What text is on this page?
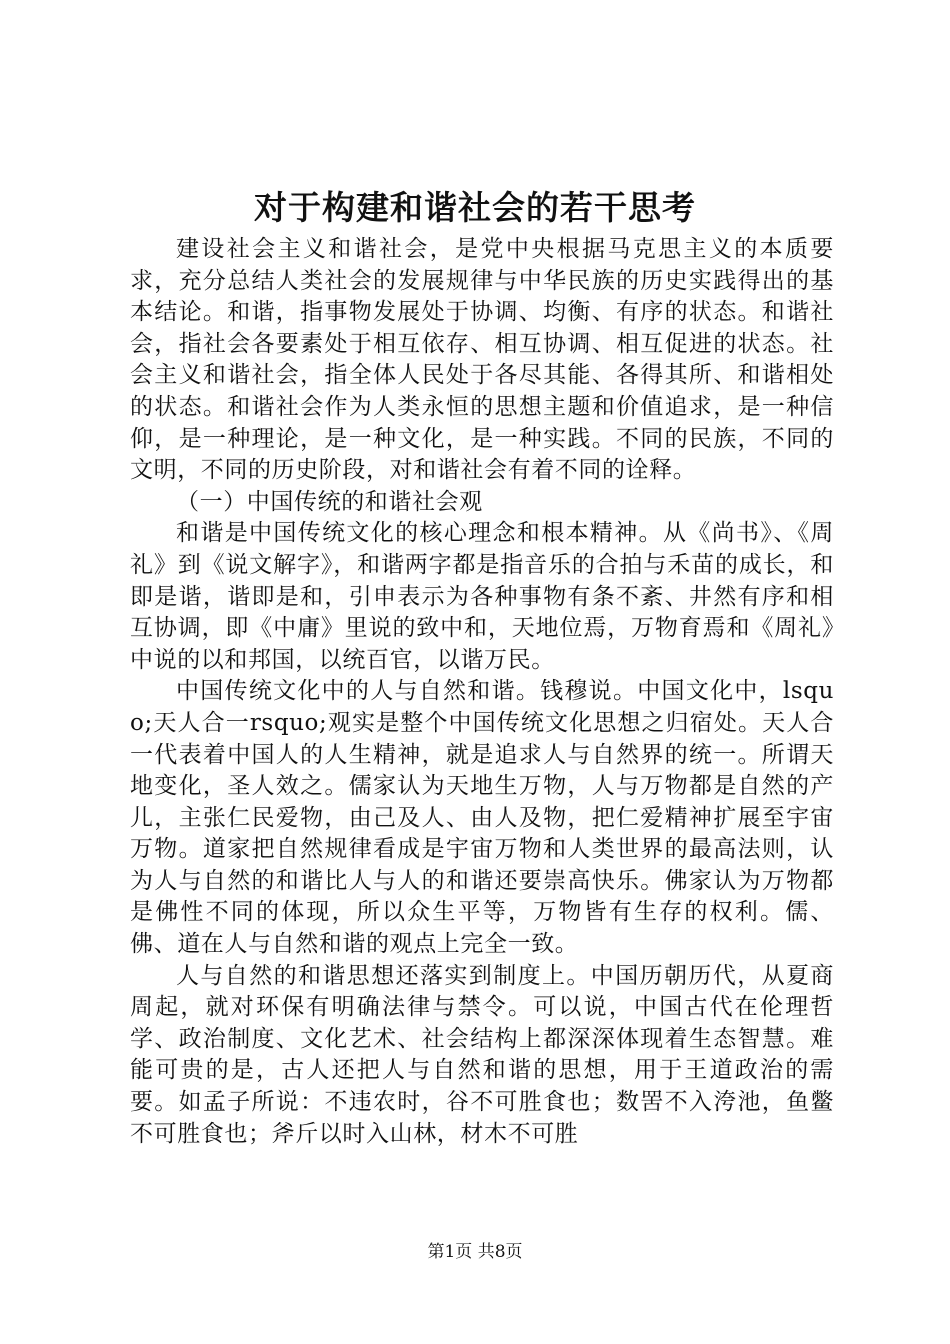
对于构建和谐社会的若干思考

建设社会主义和谐社会，是党中央根据马克思主义的本质要求，充分总结人类社会的发展规律与中华民族的历史实践得出的基本结论。和谐，指事物发展处于协调、均衡、有序的状态。和谐社会，指社会各要素处于相互依存、相互协调、相互促进的状态。社会主义和谐社会，指全体人民处于各尽其能、各得其所、和谐相处的状态。和谐社会作为人类永恒的思想主题和价值追求，是一种信仰，是一种理论，是一种文化，是一种实践。不同的民族，不同的文明，不同的历史阶段，对和谐社会有着不同的诠释。

（一）中国传统的和谐社会观

和谐是中国传统文化的核心理念和根本精神。从《尚书》、《周礼》到《说文解字》，和谐两字都是指音乐的合拍与禾苗的成长，和即是谐，谐即是和，引申表示为各种事物有条不紊、井然有序和相互协调，即《中庸》里说的致中和，天地位焉，万物育焉和《周礼》中说的以和邦国，以统百官，以谐万民。

中国传统文化中的人与自然和谐。钱穆说。中国文化中，lsquo;天人合一rsquo;观实是整个中国传统文化思想之归宿处。天人合一代表着中国人的人生精神，就是追求人与自然界的统一。所谓天地变化，圣人效之。儒家认为天地生万物，人与万物都是自然的产儿，主张仁民爱物，由己及人、由人及物，把仁爱精神扩展至宇宙万物。道家把自然规律看成是宇宙万物和人类世界的最高法则，认为人与自然的和谐比人与人的和谐还要崇高快乐。佛家认为万物都是佛性不同的体现，所以众生平等，万物皆有生存的权利。儒、佛、道在人与自然和谐的观点上完全一致。

人与自然的和谐思想还落实到制度上。中国历朝历代，从夏商周起，就对环保有明确法律与禁令。可以说，中国古代在伦理哲学、政治制度、文化艺术、社会结构上都深深体现着生态智慧。难能可贵的是，古人还把人与自然和谐的思想，用于王道政治的需要。如孟子所说：不违农时，谷不可胜食也；数罟不入洿池，鱼鳖不可胜食也；斧斤以时入山林，材木不可胜

第1页 共8页
